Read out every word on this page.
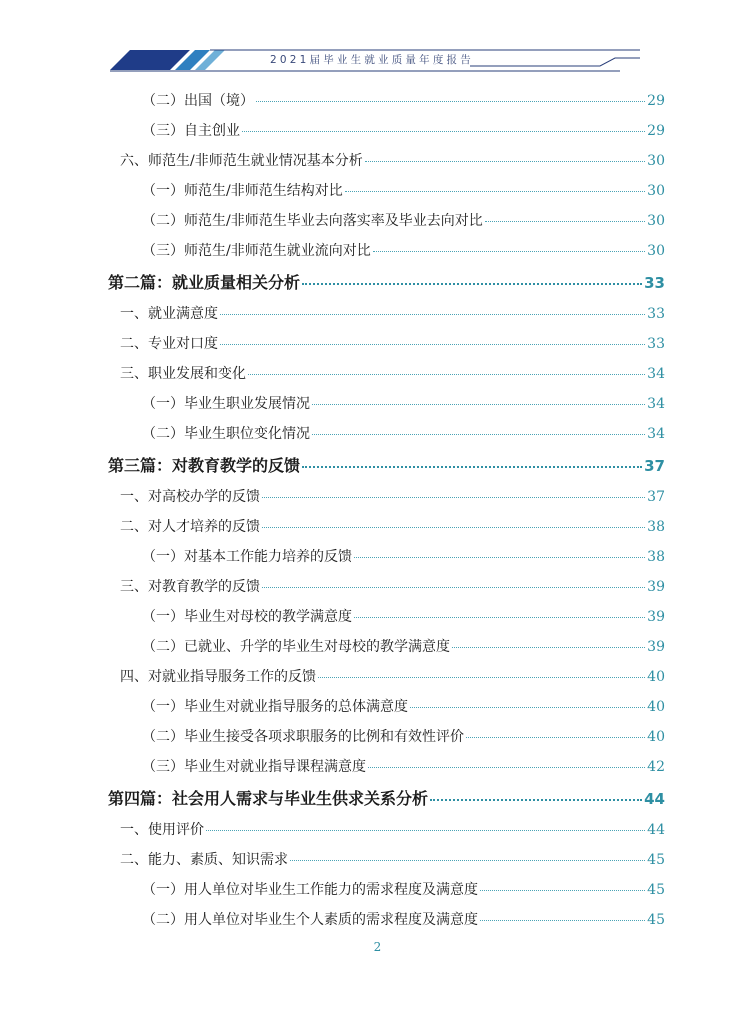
2021届毕业生就业质量年度报告
（二）出国（境）	29
（三）自主创业	29
六、师范生/非师范生就业情况基本分析	30
（一）师范生/非师范生结构对比	30
（二）师范生/非师范生毕业去向落实率及毕业去向对比	30
（三）师范生/非师范生就业流向对比	30
第二篇：就业质量相关分析	33
一、就业满意度	33
二、专业对口度	33
三、职业发展和变化	34
（一）毕业生职业发展情况	34
（二）毕业生职位变化情况	34
第三篇：对教育教学的反馈	37
一、对高校办学的反馈	37
二、对人才培养的反馈	38
（一）对基本工作能力培养的反馈	38
三、对教育教学的反馈	39
（一）毕业生对母校的教学满意度	39
（二）已就业、升学的毕业生对母校的教学满意度	39
四、对就业指导服务工作的反馈	40
（一）毕业生对就业指导服务的总体满意度	40
（二）毕业生接受各项求职服务的比例和有效性评价	40
（三）毕业生对就业指导课程满意度	42
第四篇：社会用人需求与毕业生供求关系分析	44
一、使用评价	44
二、能力、素质、知识需求	45
（一）用人单位对毕业生工作能力的需求程度及满意度	45
（二）用人单位对毕业生个人素质的需求程度及满意度	45
2
